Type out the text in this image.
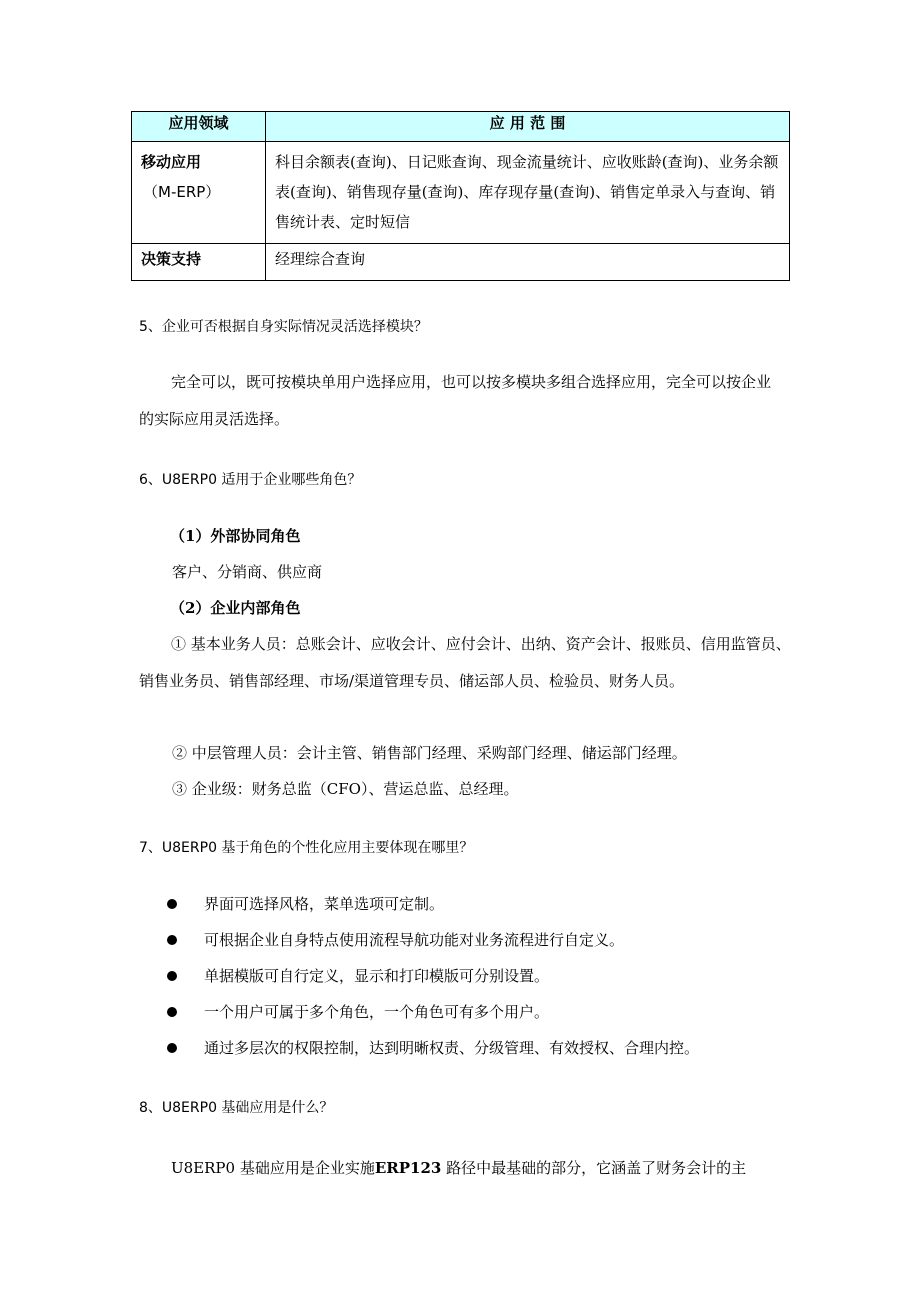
应用领域	应 用 范 围

移动应用
（M-ERP）	科目余额表(查询)、日记账查询、现金流量统计、应收账龄(查询)、业务余额表(查询)、销售现存量(查询)、库存现存量(查询)、销售定单录入与查询、销售统计表、定时短信
决策支持	经理综合查询
5、企业可否根据自身实际情况灵活选择模块？
完全可以，既可按模块单用户选择应用，也可以按多模块多组合选择应用，完全可以按企业的实际应用灵活选择。
6、U8ERP0 适用于企业哪些角色？
（1）外部协同角色
客户、分销商、供应商
（2）企业内部角色
① 基本业务人员：总账会计、应收会计、应付会计、出纳、资产会计、报账员、信用监管员、销售业务员、销售部经理、市场/渠道管理专员、储运部人员、检验员、财务人员。
② 中层管理人员：会计主管、销售部门经理、采购部门经理、储运部门经理。
③ 企业级：财务总监（CFO）、营运总监、总经理。
7、U8ERP0 基于角色的个性化应用主要体现在哪里？
界面可选择风格，菜单选项可定制。
可根据企业自身特点使用流程导航功能对业务流程进行自定义。
单据模版可自行定义，显示和打印模版可分别设置。
一个用户可属于多个角色，一个角色可有多个用户。
通过多层次的权限控制，达到明晰权责、分级管理、有效授权、合理内控。
8、U8ERP0 基础应用是什么？
U8ERP0 基础应用是企业实施ERP123 路径中最基础的部分，它涵盖了财务会计的主
